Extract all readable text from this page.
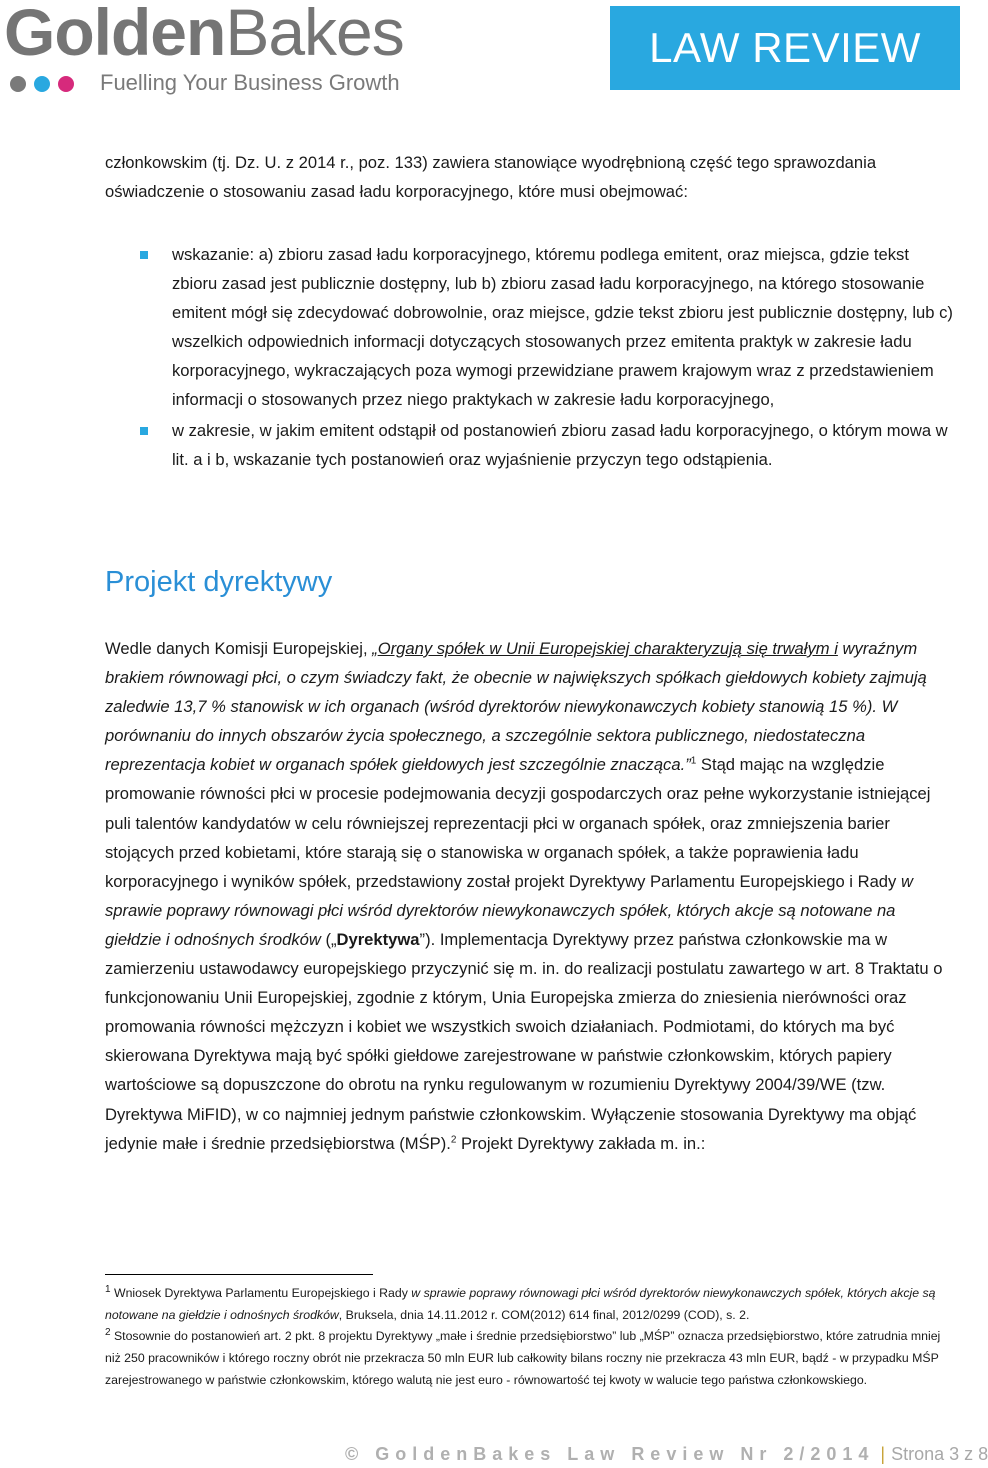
GoldenBakes
Fuelling Your Business Growth
LAW REVIEW

członkowskim (tj. Dz. U. z 2014 r., poz. 133) zawiera stanowiące wyodrębnioną część tego sprawozdania oświadczenie o stosowaniu zasad ładu korporacyjnego, które musi obejmować:

wskazanie: a) zbioru zasad ładu korporacyjnego, któremu podlega emitent, oraz miejsca, gdzie tekst zbioru zasad jest publicznie dostępny, lub b) zbioru zasad ładu korporacyjnego, na którego stosowanie emitent mógł się zdecydować dobrowolnie, oraz miejsce, gdzie tekst zbioru jest publicznie dostępny, lub c) wszelkich odpowiednich informacji dotyczących stosowanych przez emitenta praktyk w zakresie ładu korporacyjnego, wykraczających poza wymogi przewidziane prawem krajowym wraz z przedstawieniem informacji o stosowanych przez niego praktykach w zakresie ładu korporacyjnego,
w zakresie, w jakim emitent odstąpił od postanowień zbioru zasad ładu korporacyjnego, o którym mowa w lit. a i b, wskazanie tych postanowień oraz wyjaśnienie przyczyn tego odstąpienia.
Projekt dyrektywy

Wedle danych Komisji Europejskiej, „Organy spółek w Unii Europejskiej charakteryzują się trwałym i wyraźnym brakiem równowagi płci, o czym świadczy fakt, że obecnie w największych spółkach giełdowych kobiety zajmują zaledwie 13,7 % stanowisk w ich organach (wśród dyrektorów niewykonawczych kobiety stanowią 15 %). W porównaniu do innych obszarów życia społecznego, a szczególnie sektora publicznego, niedostateczna reprezentacja kobiet w organach spółek giełdowych jest szczególnie znacząca.”$^1$ Stąd mając na względzie promowanie równości płci w procesie podejmowania decyzji gospodarczych oraz pełne wykorzystanie istniejącej puli talentów kandydatów w celu równiejszej reprezentacji płci w organach spółek, oraz zmniejszenia barier stojących przed kobietami, które starają się o stanowiska w organach spółek, a także poprawienia ładu korporacyjnego i wyników spółek, przedstawiony został projekt Dyrektywy Parlamentu Europejskiego i Rady w sprawie poprawy równowagi płci wśród dyrektorów niewykonawczych spółek, których akcje są notowane na giełdzie i odnośnych środków („Dyrektywa”). Implementacja Dyrektywy przez państwa członkowskie ma w zamierzeniu ustawodawcy europejskiego przyczynić się m. in. do realizacji postulatu zawartego w art. 8 Traktatu o funkcjonowaniu Unii Europejskiej, zgodnie z którym, Unia Europejska zmierza do zniesienia nierówności oraz promowania równości mężczyzn i kobiet we wszystkich swoich działaniach. Podmiotami, do których ma być skierowana Dyrektywa mają być spółki giełdowe zarejestrowane w państwie członkowskim, których papiery wartościowe są dopuszczone do obrotu na rynku regulowanym w rozumieniu Dyrektywy 2004/39/WE (tzw. Dyrektywa MiFID), w co najmniej jednym państwie członkowskim. Wyłączenie stosowania Dyrektywy ma objąć jedynie małe i średnie przedsiębiorstwa (MŚP).$^2$ Projekt Dyrektywy zakłada m. in.:

$^1$ Wniosek Dyrektywa Parlamentu Europejskiego i Rady w sprawie poprawy równowagi płci wśród dyrektorów niewykonawczych spółek, których akcje są notowane na giełdzie i odnośnych środków, Bruksela, dnia 14.11.2012 r. COM(2012) 614 final, 2012/0299 (COD), s. 2.

$^2$ Stosownie do postanowień art. 2 pkt. 8 projektu Dyrektywy „małe i średnie przedsiębiorstwo” lub „MŚP” oznacza przedsiębiorstwo, które zatrudnia mniej niż 250 pracowników i którego roczny obrót nie przekracza 50 mln EUR lub całkowity bilans roczny nie przekracza 43 mln EUR, bądź - w przypadku MŚP zarejestrowanego w państwie członkowskim, którego walutą nie jest euro - równowartość tej kwoty w walucie tego państwa członkowskiego.

© GoldenBakes Law Review Nr 2/2014 | Strona 3 z 8
